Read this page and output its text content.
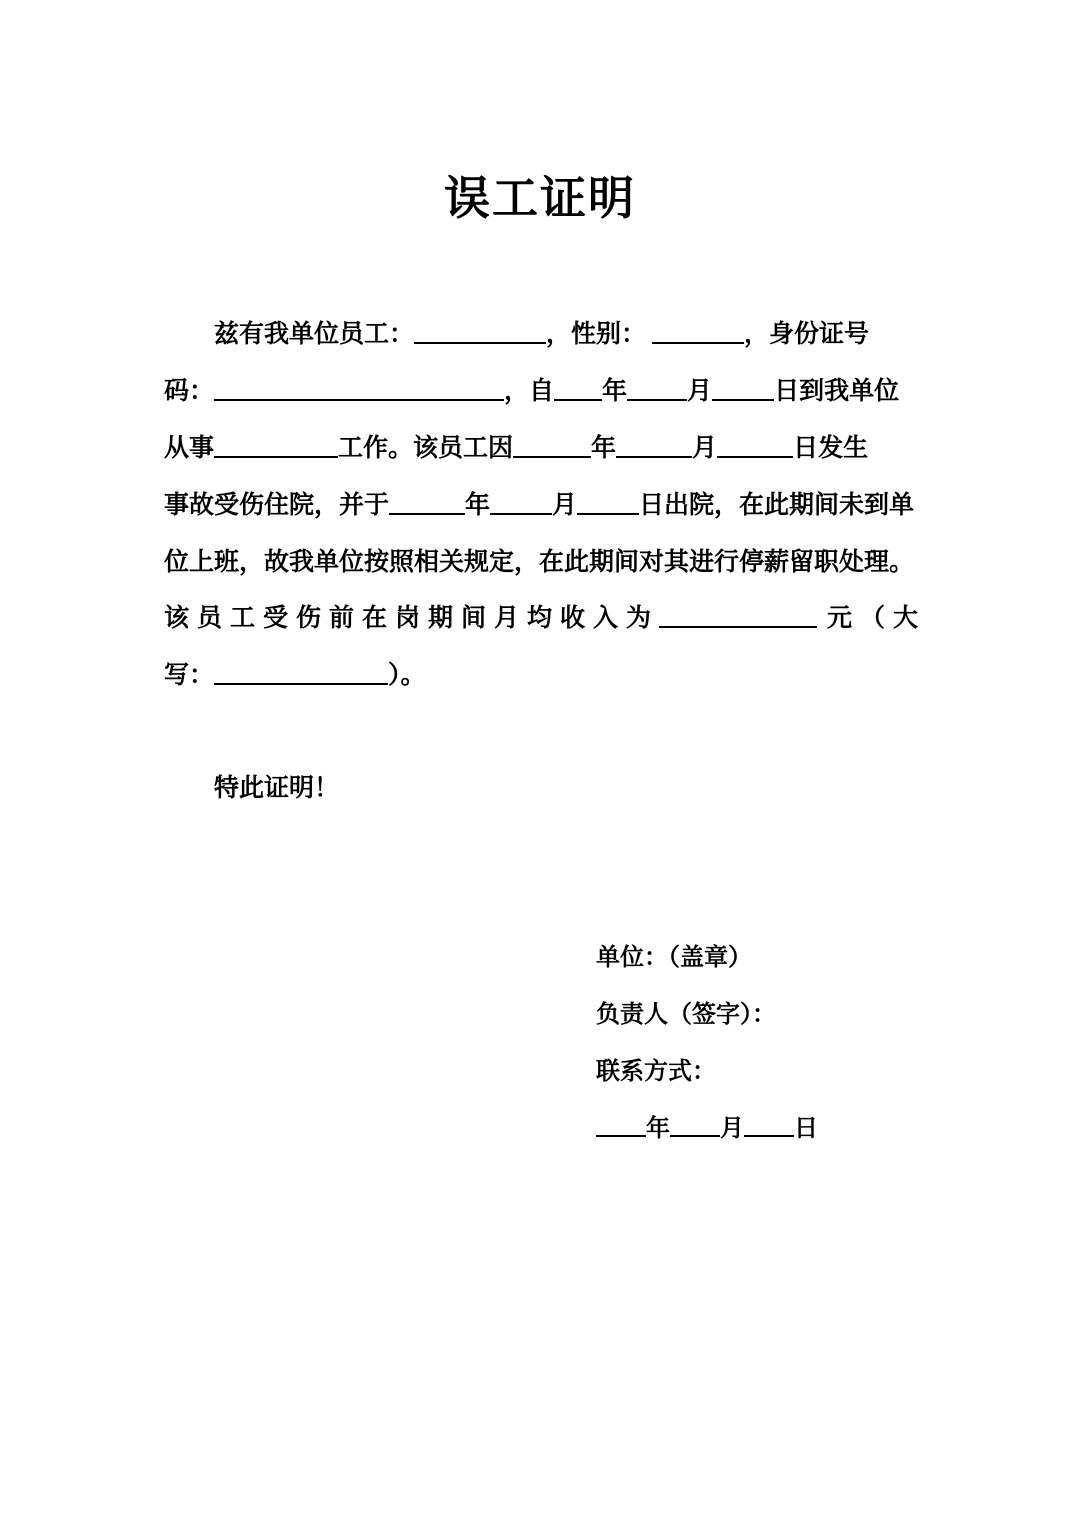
误工证明
兹有我单位员工：	，性别：	，身份证号
码：	，自 年 月 日到我单位
从事	工作。该员工因	年	月	日发生
事故受伤住院，并于	年 月 日出院，在此期间未到单
位上班，故我单位按照相关规定，在此期间对其进行停薪留职处理。
该员工受伤前在岗期间月均收入为	元（大
写：	）。
特此证明！
单位：（盖章）
负责人（签字）：
联系方式：
年 月 日
